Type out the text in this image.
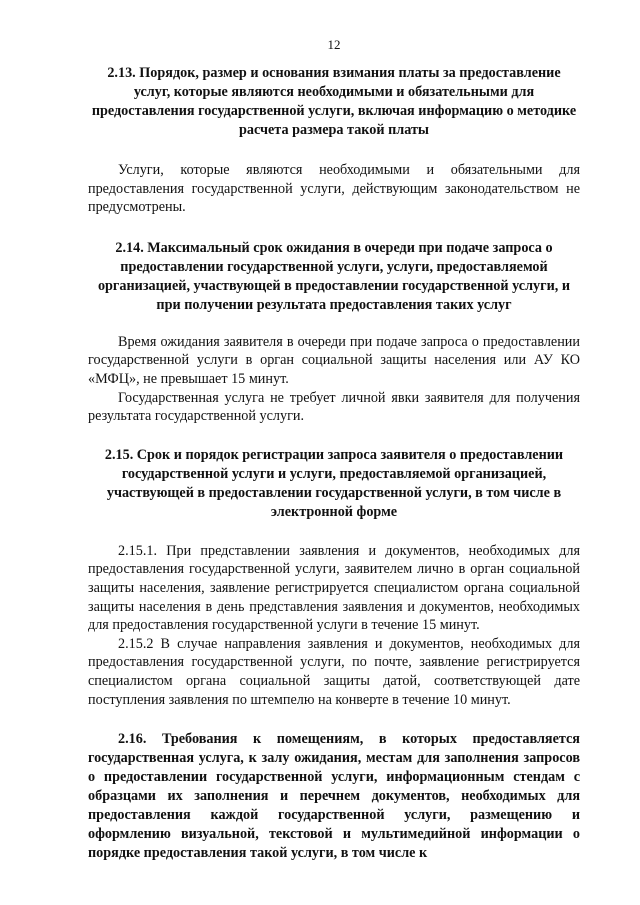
12

2.13. Порядок, размер и основания взимания платы за предоставление услуг, которые являются необходимыми и обязательными для предоставления государственной услуги, включая информацию о методике расчета размера такой платы

Услуги, которые являются необходимыми и обязательными для предоставления государственной услуги, действующим законодательством не предусмотрены.

2.14. Максимальный срок ожидания в очереди при подаче запроса о предоставлении государственной услуги, услуги, предоставляемой организацией, участвующей в предоставлении государственной услуги, и при получении результата предоставления таких услуг

Время ожидания заявителя в очереди при подаче запроса о предоставлении государственной услуги в орган социальной защиты населения или АУ КО «МФЦ», не превышает 15 минут.

Государственная услуга не требует личной явки заявителя для получения результата государственной услуги.

2.15. Срок и порядок регистрации запроса заявителя о предоставлении государственной услуги и услуги, предоставляемой организацией, участвующей в предоставлении государственной услуги, в том числе в электронной форме

2.15.1. При представлении заявления и документов, необходимых для предоставления государственной услуги, заявителем лично в орган социальной защиты населения, заявление регистрируется специалистом органа социальной защиты населения в день представления заявления и документов, необходимых для предоставления государственной услуги в течение 15 минут.

2.15.2 В случае направления заявления и документов, необходимых для предоставления государственной услуги, по почте, заявление регистрируется специалистом органа социальной защиты датой, соответствующей дате поступления заявления по штемпелю на конверте в течение 10 минут.

2.16. Требования к помещениям, в которых предоставляется государственная услуга, к залу ожидания, местам для заполнения запросов о предоставлении государственной услуги, информационным стендам с образцами их заполнения и перечнем документов, необходимых для предоставления каждой государственной услуги, размещению и оформлению визуальной, текстовой и мультимедийной информации о порядке предоставления такой услуги, в том числе к
